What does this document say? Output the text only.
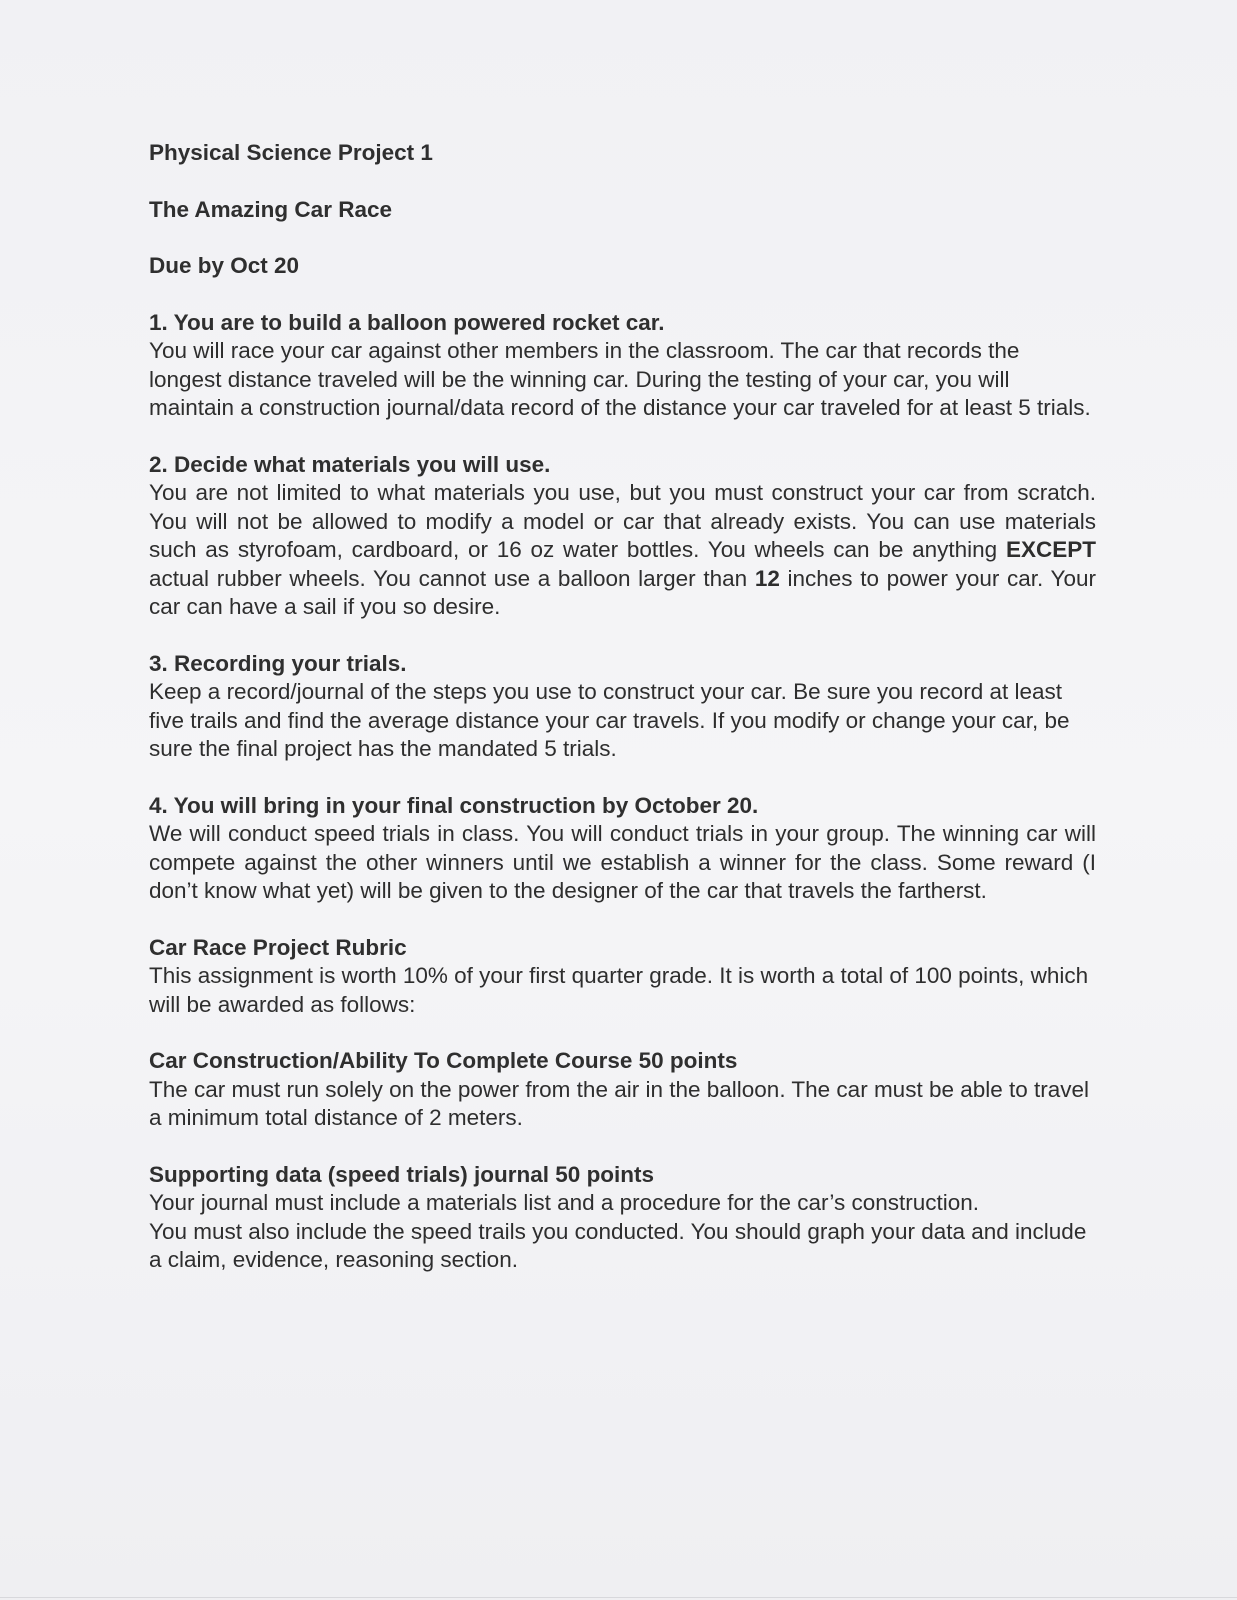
Physical Science Project 1

The Amazing Car Race

Due by Oct 20

1. You are to build a balloon powered rocket car.

You will race your car against other members in the classroom. The car that records the longest distance traveled will be the winning car. During the testing of your car, you will maintain a construction journal/data record of the distance your car traveled for at least 5 trials.

2. Decide what materials you will use.

You are not limited to what materials you use, but you must construct your car from scratch. You will not be allowed to modify a model or car that already exists. You can use materials such as styrofoam, cardboard, or 16 oz water bottles. You wheels can be anything EXCEPT actual rubber wheels. You cannot use a balloon larger than 12 inches to power your car. Your car can have a sail if you so desire.

3. Recording your trials.

Keep a record/journal of the steps you use to construct your car. Be sure you record at least five trails and find the average distance your car travels. If you modify or change your car, be sure the final project has the mandated 5 trials.

4. You will bring in your final construction by October 20.

We will conduct speed trials in class. You will conduct trials in your group. The winning car will compete against the other winners until we establish a winner for the class. Some reward (I don’t know what yet) will be given to the designer of the car that travels the fartherst.

Car Race Project Rubric

This assignment is worth 10% of your first quarter grade. It is worth a total of 100 points, which will be awarded as follows:

Car Construction/Ability To Complete Course 50 points

The car must run solely on the power from the air in the balloon. The car must be able to travel a minimum total distance of 2 meters.

Supporting data (speed trials) journal 50 points

Your journal must include a materials list and a procedure for the car’s construction.

You must also include the speed trails you conducted. You should graph your data and include a claim, evidence, reasoning section.
